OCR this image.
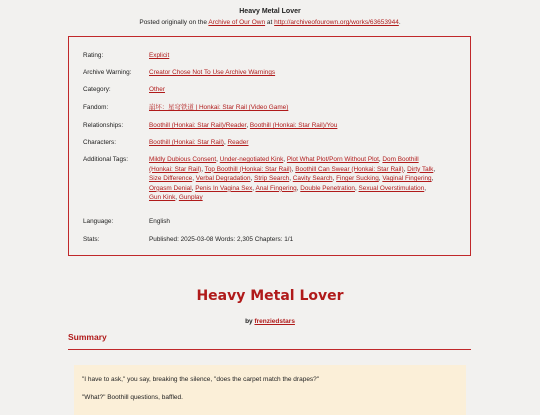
Heavy Metal Lover
Posted originally on the Archive of Our Own at http://archiveofourown.org/works/63653944.
Rating:	Explicit
Archive Warning:	Creator Chose Not To Use Archive Warnings
Category:	Other
Fandom:	崩坏：星穹铁道 | Honkai: Star Rail (Video Game)
Relationships:	Boothill (Honkai: Star Rail)/Reader, Boothill (Honkai: Star Rail)/You
Characters:	Boothill (Honkai: Star Rail), Reader
Additional Tags:	Mildly Dubious Consent, Under-negotiated Kink, Plot What Plot/Porn Without Plot, Dom Boothill
(Honkai: Star Rail), Top Boothill (Honkai: Star Rail), Boothill Can Swear (Honkai: Star Rail), Dirty Talk,
Size Difference, Verbal Degradation, Strip Search, Cavity Search, Finger Sucking, Vaginal Fingering,
Orgasm Denial, Penis In Vagina Sex, Anal Fingering, Double Penetration, Sexual Overstimulation,
Gun Kink, Gunplay
Language:	English
Stats:	Published: 2025-03-08 Words: 2,305 Chapters: 1/1
Heavy Metal Lover
by frenziedstars
Summary
"I have to ask," you say, breaking the silence, "does the carpet match the drapes?"
"What?" Boothill questions, baffled.
